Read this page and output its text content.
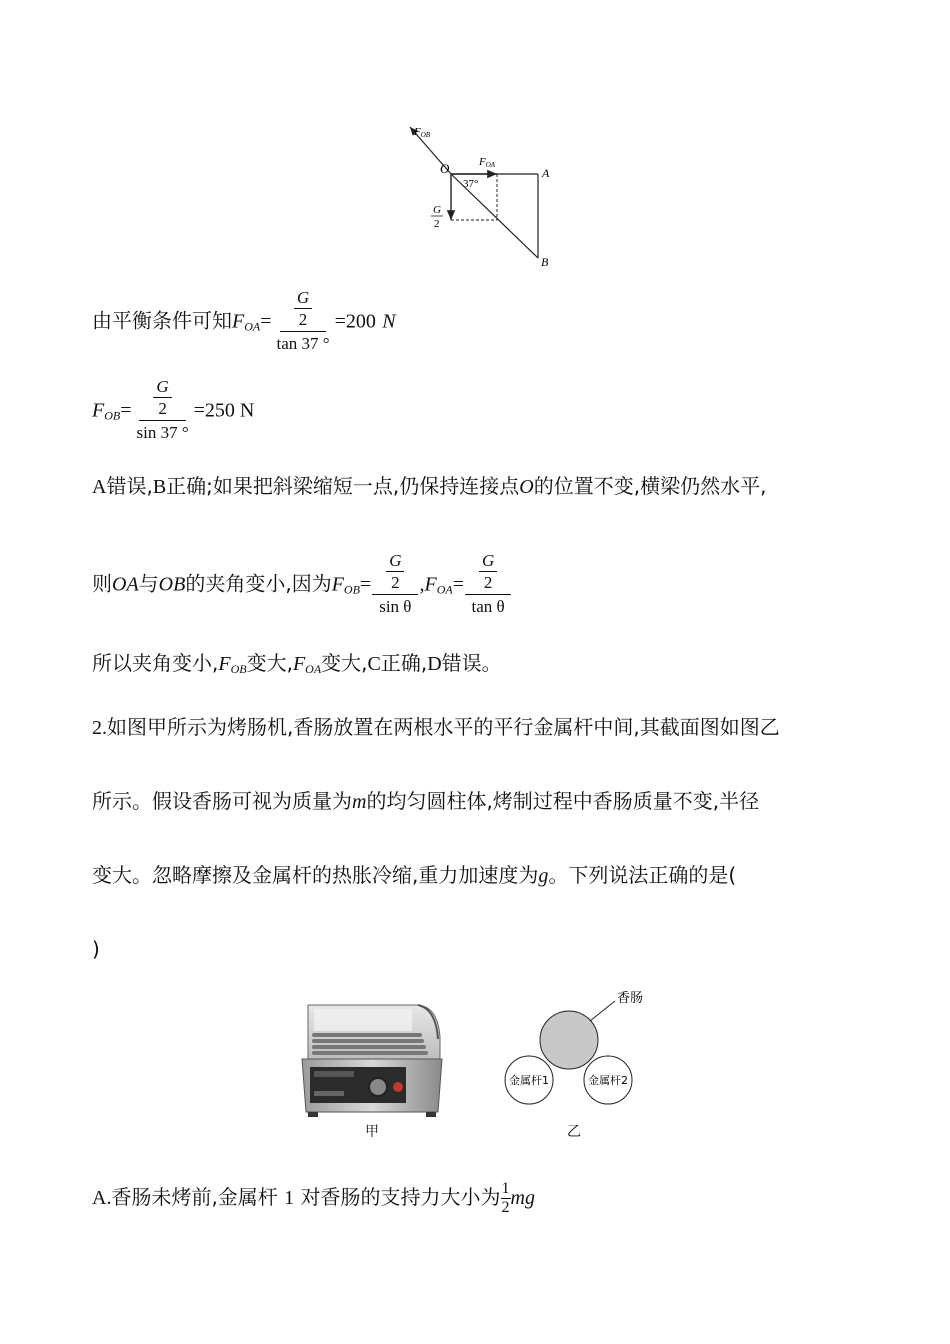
FOB
O	FOA
37°
A
B
G
2
由平衡条件可知$F_{OA}= G$
2
tan 37 ° =200 N
$F_{OB}= G$
2
sin 37 ° =250 N
A错误,B正确;如果把斜梁缩短一点,仍保持连接点O的位置不变,横梁仍然水平,
则OA与OB的夹角变小,因为$F_{OB}= G$
2
sin θ $,F_{OA}= G$
2
tan θ
所以夹角变小$,F_{OB}$变大$,F_{OA}$变大,C正确,D错误。
2.如图甲所示为烤肠机,香肠放置在两根水平的平行金属杆中间,其截面图如图乙
所示。假设香肠可视为质量为m的均匀圆柱体,烤制过程中香肠质量不变,半径
变大。忽略摩擦及金属杆的热胀冷缩,重力加速度为g。下列说法正确的是(
)
甲
香肠
金属杆1	金属杆2
乙
A.香肠未烤前,金属杆 1 对香肠的支持力大小为 $\frac{1}{2}$ mg
